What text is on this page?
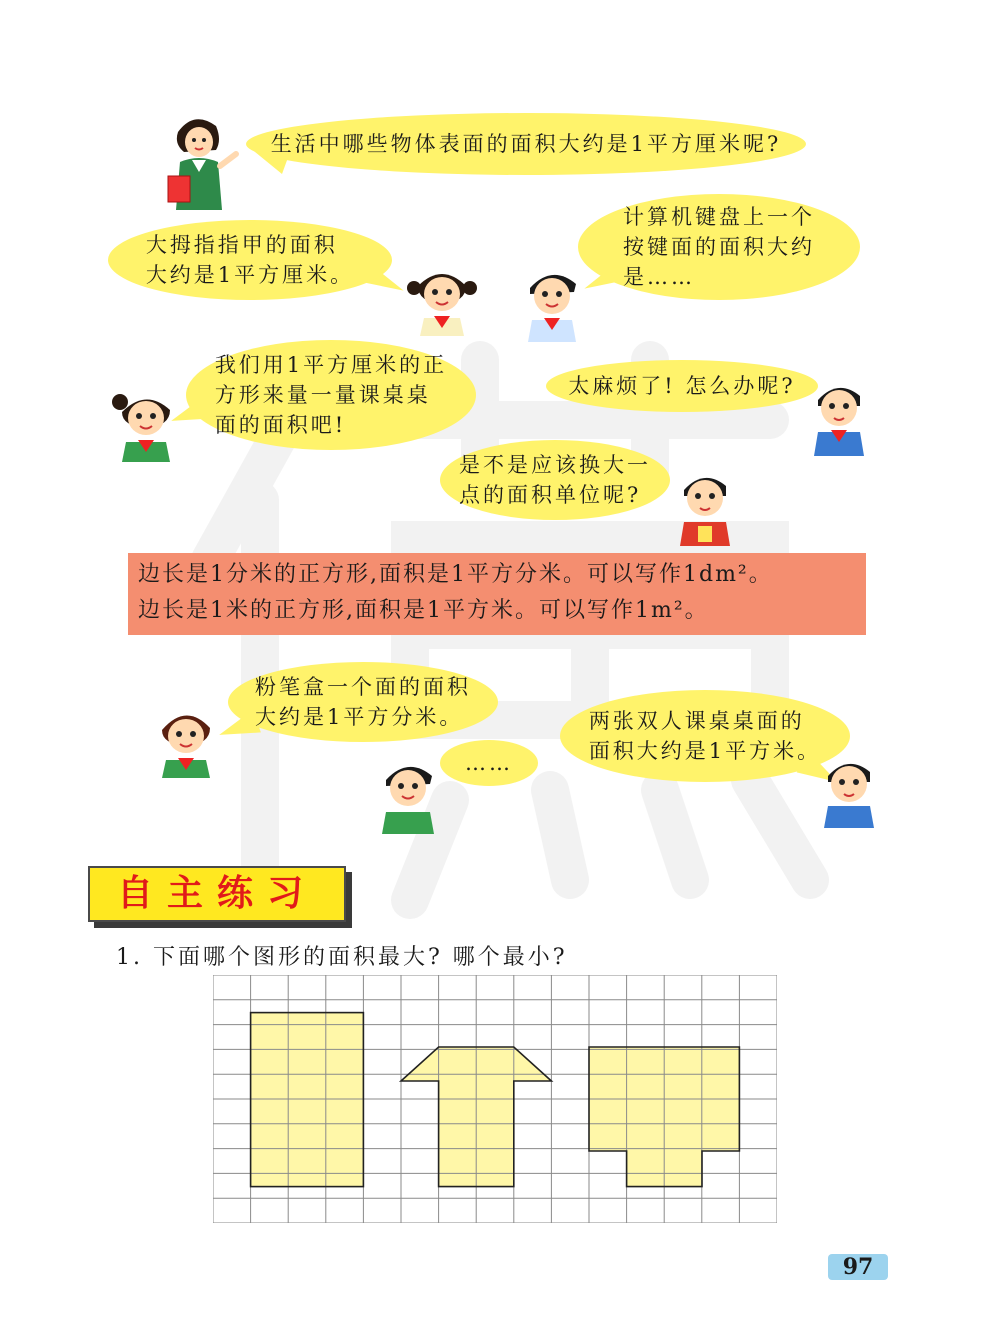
生活中哪些物体表面的面积大约是1平方厘米呢?
大拇指指甲的面积
大约是1平方厘米。
计算机键盘上一个
按键面的面积大约
是……
我们用1平方厘米的正
方形来量一量课桌桌
面的面积吧!
太麻烦了! 怎么办呢?
是不是应该换大一
点的面积单位呢?
边长是1分米的正方形,面积是1平方分米。可以写作1dm²。
边长是1米的正方形,面积是1平方米。可以写作1m²。
粉笔盒一个面的面积
大约是1平方分米。
……
两张双人课桌桌面的
面积大约是1平方米。
自主练习
1. 下面哪个图形的面积最大? 哪个最小?
97
